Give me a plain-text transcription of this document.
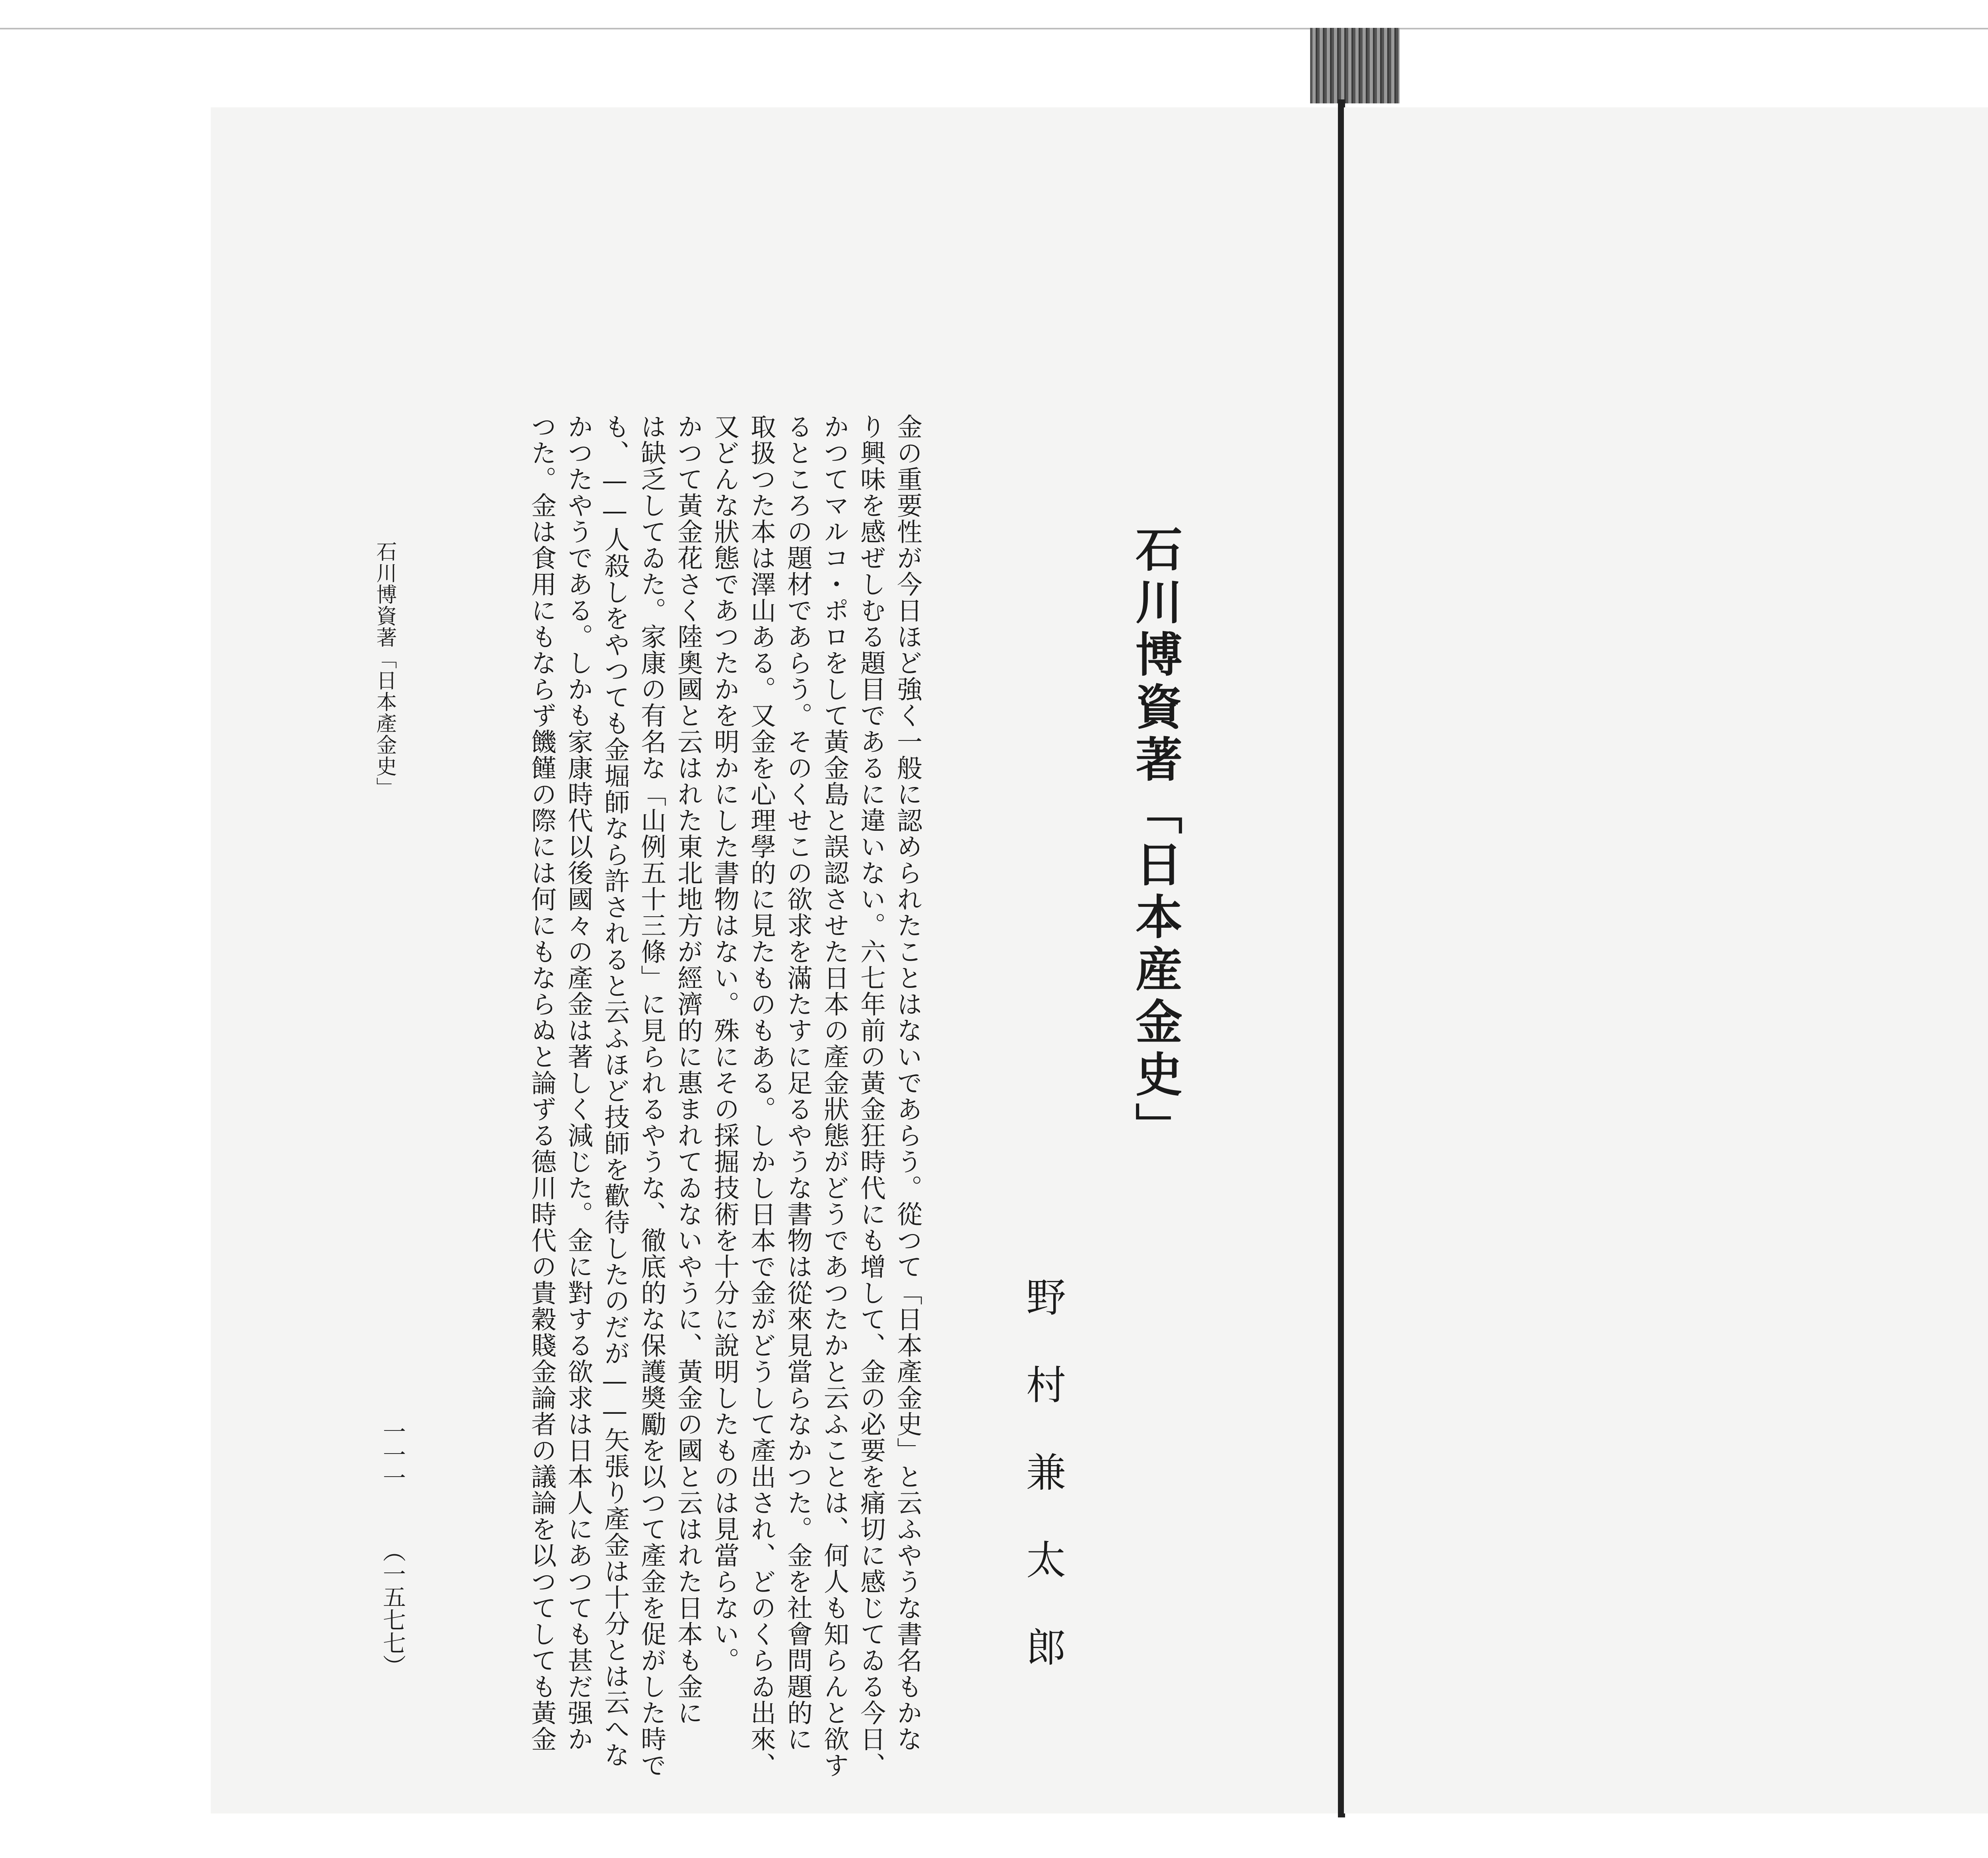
石川博資著「日本産金史」
野村兼太郎
金の重要性が今日ほど強く一般に認められたことはないであらう。從つて「日本產金史」と云ふやうな書名もかな
り興味を感ぜしむる題目であるに違いない。六七年前の黃金狂時代にも增して、金の必要を痛切に感じてゐる今日、
かつてマルコ・ポロをして黃金島と誤認させた日本の產金狀態がどうであつたかと云ふことは、何人も知らんと欲す
るところの題材であらう。そのくせこの欲求を滿たすに足るやうな書物は從來見當らなかつた。金を社會問題的に
取扱つた本は澤山ある。又金を心理學的に見たものもある。しかし日本で金がどうして產出され、どのくらゐ出來、
又どんな狀態であつたかを明かにした書物はない。殊にその採掘技術を十分に說明したものは見當らない。
かつて黃金花さく陸奧國と云はれた東北地方が經濟的に惠まれてゐないやうに、黃金の國と云はれた日本も金に
は缺乏してゐた。家康の有名な「山例五十三條」に見られるやうな、徹底的な保護奬勵を以つて產金を促がした時で
も、——人殺しをやつても金堀師なら許されると云ふほど技師を歡待したのだが——矢張り產金は十分とは云へな
かつたやうである。しかも家康時代以後國々の產金は著しく減じた。金に對する欲求は日本人にあつても甚だ强か
つた。金は食用にもならず饑饉の際には何にもならぬと論ずる德川時代の貴穀賤金論者の議論を以つてしても黃金
石川博資著「日本產金史」
一一一
（一五七七）
